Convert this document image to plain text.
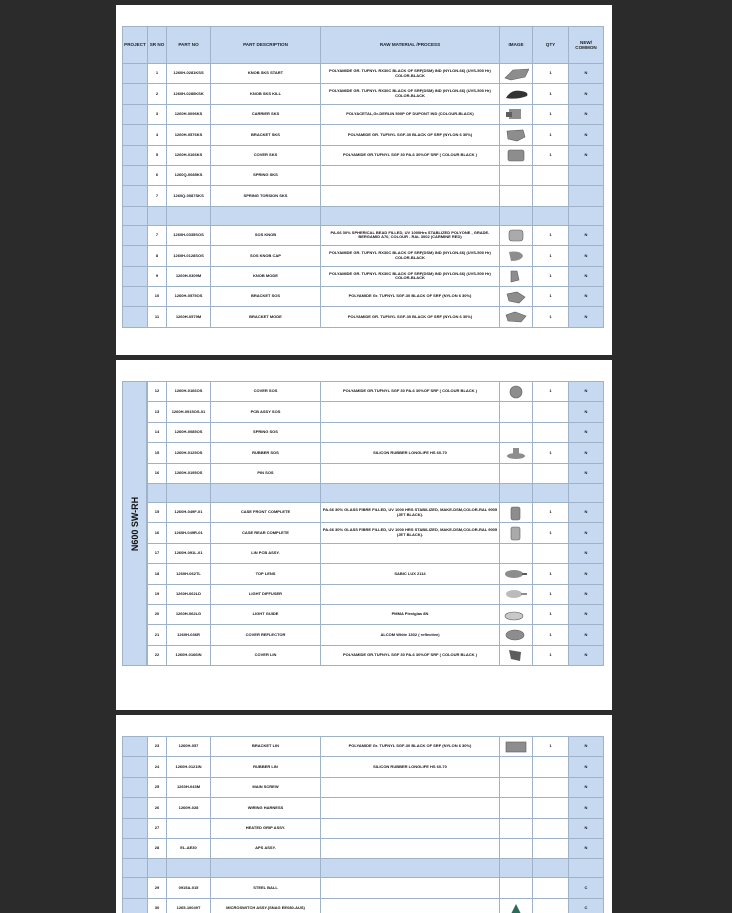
PROJECT	SR NO	PART NO	PART DESCRIPTION	RAW MATERIAL /PROCESS	IMAGE	QTY	NEW/ COMMON
	1	1260H-0281KSS	KNOB SKS START	POLYAMIDE GR. TUFNYL RX30C BLACK OF SRF(DSM) IND (NYLON-66) (UVS-500 Hr) COLOR-BLACK		1	N
	2	1260H-0280KSK	KNOB SKS KILL	POLYAMIDE GR. TUFNYL RX30C BLACK OF SRF(DSM) IND (NYLON-66) (UVS-500 Hr) COLOR-BLACK		1	N
	3	1260H-0096KS	CARRIER SKS	POLYACETAL,Gr-DERLIN 500P OF DUPONT IND (COLOUR-BLACK)		1	N
	4	1260H-0576KS	BRACKET SKS	POLYAMIDE GR. TUFNYL SGF-30 BLACK OF SRF (NYLON 6 30%)		1	N
	5	1260H-0166KS	COVER SKS	POLYAMIDE GR.TUFNYL SGF 30 PA-6 30%OF SRF ( COLOUR BLACK )		1	N
	6	1260Q-0085KS	SPRING SKS				
	7	1260Q-0087SKS	SPRING TORSION SKS				

	7	1260H-0335SOS	SOS KNOB	PA-66 30% SPHERICAL BEAD FILLED, UV 1000Hrs STABLIZED POLYONE , GRADE-BERGAMID A70, COLOUR - RAL 3002 (CARMINE RED)		1	N
	8	1260H-0128SOS	SOS KNOB CAP	POLYAMIDE GR. TUFNYL RX30C BLACK OF SRF(DSM) IND (NYLON-66) (UVS-500 Hr) COLOR-BLACK		1	N
	9	1260H-0309M	KNOB MODE	POLYAMIDE GR. TUFNYL RX30C BLACK OF SRF(DSM) IND (NYLON-66) (UVS-500 Hr) COLOR-BLACK		1	N
	10	1260H-0575OS	BRACKET SOS	POLYAMIDE Gr. TUFNYL SGF-30 BLACK OF SRF (NYLON 6 30%)		1	N
	11	1260H-0579M	BRACKET MODE	POLYAMIDE GR. TUFNYL SGF-30 BLACK OF SRF (NYLON 6 30%)		1	N
	12	1260H-0166OS	COVER SOS	POLYAMIDE GR.TUFNYL SGF 30 PA-6 30%OF SRF ( COLOUR BLACK )		1	N
	13	1260H-0915OS-01	PCB ASSY SOS				N
	14	1260H-0085OS	SPRING SOS				N
	15	1260H-0125OS	RUBBER SOS	SILICON RUBBER LONGLIFE HS 60-70		1	N
	16	1260H-0195OS	PIN SOS				N

	15	1260H-049F-01	CASE FRONT COMPLETE	PA-66 30% GLASS FIBRE FILLED, UV 1000 HRS STABILIZED, MAKE-DSM,COLOR-RAL 9005 (JET BLACK).		1	N
	16	1260H-049R-01	CASE REAR COMPLETE	PA-66 30% GLASS FIBRE FILLED, UV 1000 HRS STABILIZED, MAKE-DSM,COLOR-RAL 9005 (JET BLACK).		1	N
	17	1260H-091L-01	LIN PCB ASSY.				N
	18	1260H-062TL	TOP LENS	SABIC LUX 2114		1	N
	19	1260H-062LD	LIGHT DIFFUSER			1	N
	20	1260H-062LG	LIGHT GUIDE	PMMA Plexiglas 8N		1	N
	21	1260H-036R	COVER REFLECTOR	ALCOM White 1302 ( reflective)		1	N
	22	1260H-0166IN	COVER LIN	POLYAMIDE GR.TUFNYL SGF 30 PA-6 30%OF SRF ( COLOUR BLACK )		1	N
N600 SW-RH
	23	1260H-057	BRACKET LIN	POLYAMIDE Gr. TUFNYL SGF-30 BLACK OF SRF (NYLON 6 30%)		1	N
	24	1260H-0121IN	RUBBER LIN	SILICON RUBBER LONGLIFE HS 60-70			N
	25	1260H-043M	MAIN SCREW				N
	26	1260H-028	WIRING HARNESS				N
	27		HEATED GRIP ASSY.				N
	28	EL-AE30	APS ASSY.				N

	29	0915A-015	STEEL BALL				C
	30	1265-10049T	MICROSWITCH ASSY.(SNAG EE080-AUS)				C
